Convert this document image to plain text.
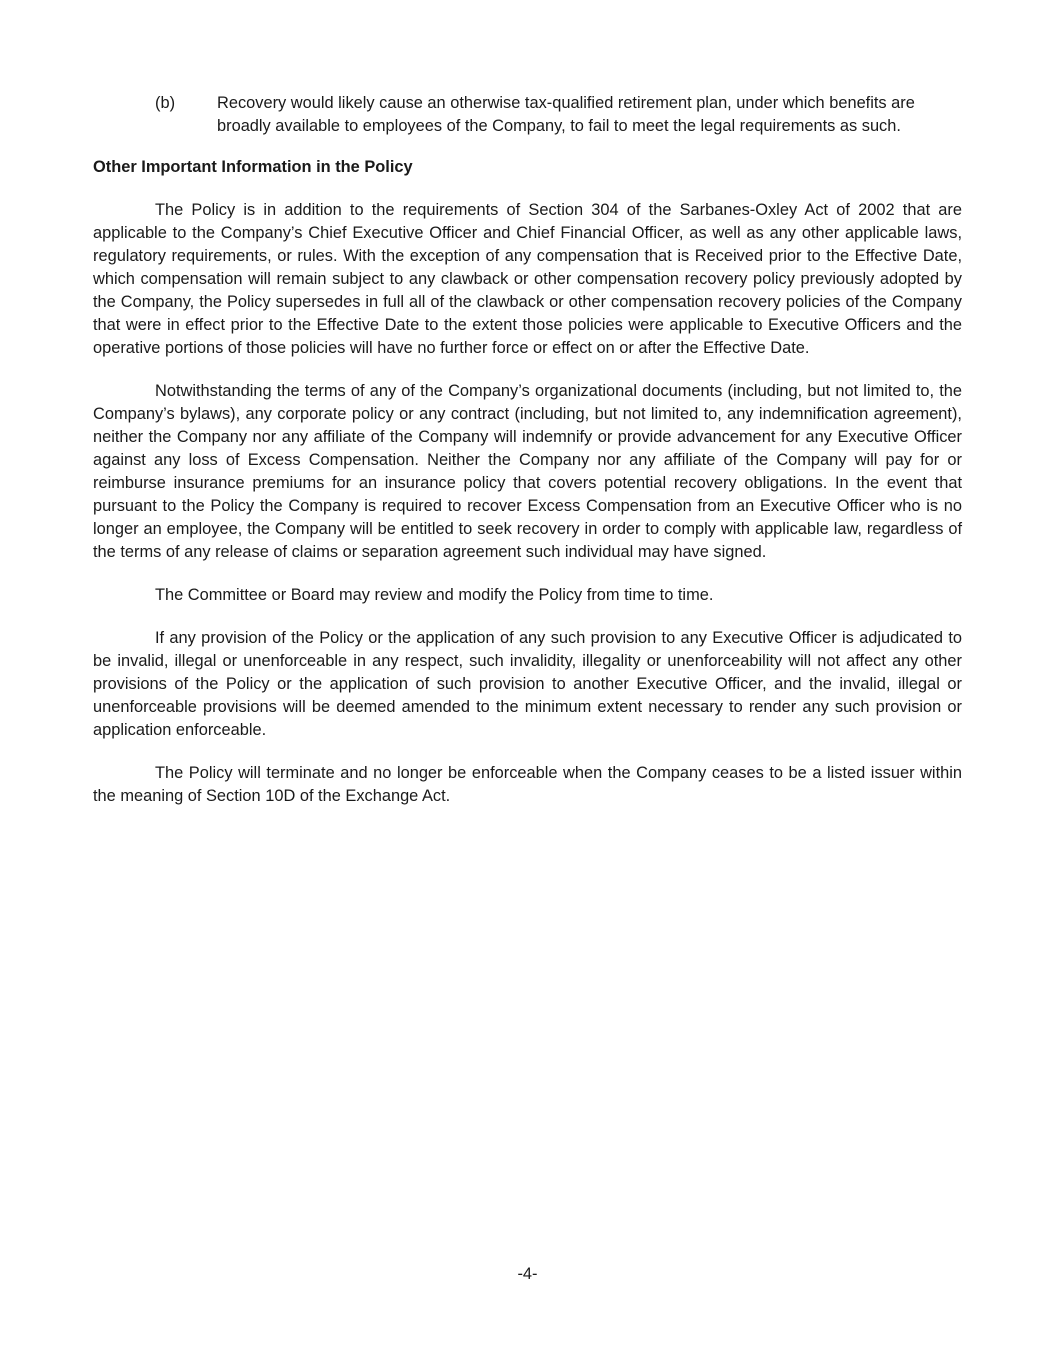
(b)	Recovery would likely cause an otherwise tax-qualified retirement plan, under which benefits are broadly available to employees of the Company, to fail to meet the legal requirements as such.
Other Important Information in the Policy

The Policy is in addition to the requirements of Section 304 of the Sarbanes-Oxley Act of 2002 that are applicable to the Company’s Chief Executive Officer and Chief Financial Officer, as well as any other applicable laws, regulatory requirements, or rules. With the exception of any compensation that is Received prior to the Effective Date, which compensation will remain subject to any clawback or other compensation recovery policy previously adopted by the Company, the Policy supersedes in full all of the clawback or other compensation recovery policies of the Company that were in effect prior to the Effective Date to the extent those policies were applicable to Executive Officers and the operative portions of those policies will have no further force or effect on or after the Effective Date.

Notwithstanding the terms of any of the Company’s organizational documents (including, but not limited to, the Company’s bylaws), any corporate policy or any contract (including, but not limited to, any indemnification agreement), neither the Company nor any affiliate of the Company will indemnify or provide advancement for any Executive Officer against any loss of Excess Compensation. Neither the Company nor any affiliate of the Company will pay for or reimburse insurance premiums for an insurance policy that covers potential recovery obligations. In the event that pursuant to the Policy the Company is required to recover Excess Compensation from an Executive Officer who is no longer an employee, the Company will be entitled to seek recovery in order to comply with applicable law, regardless of the terms of any release of claims or separation agreement such individual may have signed.

The Committee or Board may review and modify the Policy from time to time.

If any provision of the Policy or the application of any such provision to any Executive Officer is adjudicated to be invalid, illegal or unenforceable in any respect, such invalidity, illegality or unenforceability will not affect any other provisions of the Policy or the application of such provision to another Executive Officer, and the invalid, illegal or unenforceable provisions will be deemed amended to the minimum extent necessary to render any such provision or application enforceable.

The Policy will terminate and no longer be enforceable when the Company ceases to be a listed issuer within the meaning of Section 10D of the Exchange Act.

-4-
